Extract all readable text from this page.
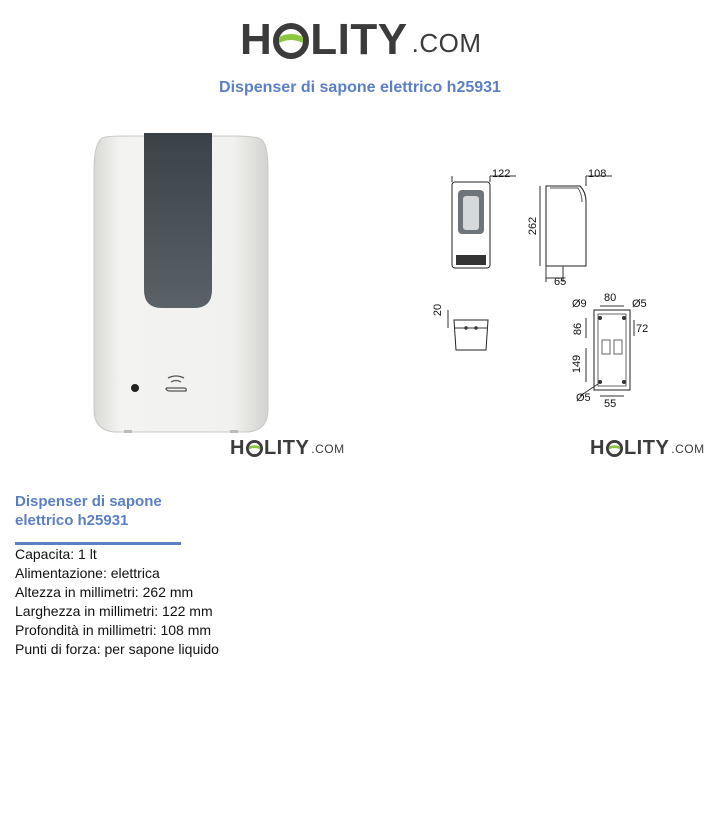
H LITY .COM
Dispenser di sapone elettrico h25931
H LITY .COM
122	108
262
65
20	Ø9 80 Ø5
86	72
149
Ø5 55
H LITY .COM
Dispenser di sapone
elettrico h25931
Capacita: 1 lt
Alimentazione: elettrica
Altezza in millimetri: 262 mm
Larghezza in millimetri: 122 mm
Profondità in millimetri: 108 mm
Punti di forza: per sapone liquido
